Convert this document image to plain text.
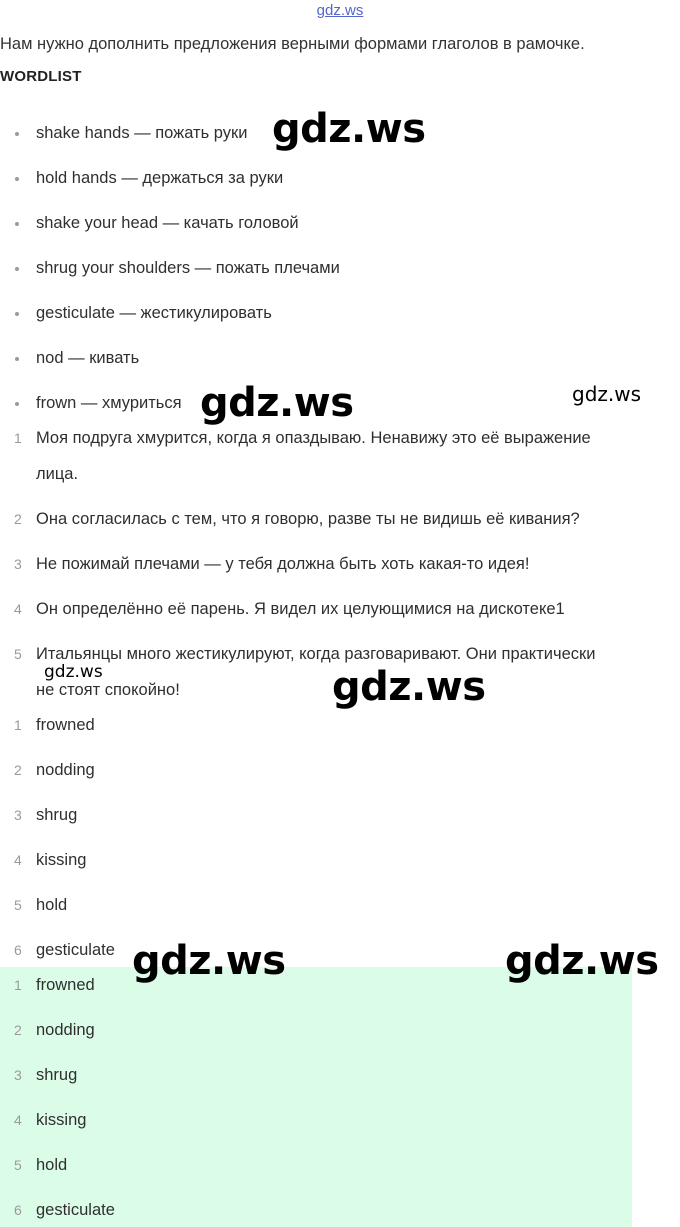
gdz.ws
Нам нужно дополнить предложения верными формами глаголов в рамочке.
WORDLIST
shake hands — пожать руки
hold hands — держаться за руки
shake your head — качать головой
shrug your shoulders — пожать плечами
gesticulate — жестикулировать
nod — кивать
frown — хмуриться
1 Моя подруга хмурится, когда я опаздываю. Ненавижу это её выражение
лица.
2 Она согласилась с тем, что я говорю, разве ты не видишь её кивания?
3 Не пожимай плечами — у тебя должна быть хоть какая-то идея!
4 Он определённо её парень. Я видел их целующимися на дискотеке1
5 Итальянцы много жестикулируют, когда разговаривают. Они практически
не стоят спокойно!
1 frowned
2 nodding
3 shrug
4 kissing
5 hold
6 gesticulate
1 frowned
2 nodding
3 shrug
4 kissing
5 hold
6 gesticulate
gdz.ws
gdz.ws	gdz.ws
gdz.ws	gdz.ws
gdz.ws	gdz.ws
